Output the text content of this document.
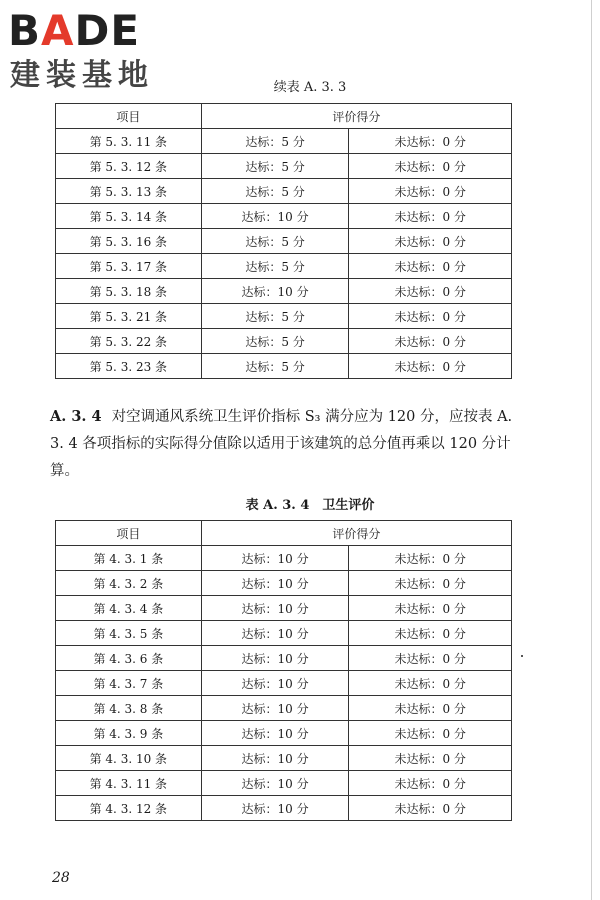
BADE
建装基地	续表 A. 3. 3
项目	评价得分	
第 5. 3. 11 条	达标：5 分	未达标：0 分
第 5. 3. 12 条	达标：5 分	未达标：0 分
第 5. 3. 13 条	达标：5 分	未达标：0 分
第 5. 3. 14 条	达标：10 分	未达标：0 分
第 5. 3. 16 条	达标：5 分	未达标：0 分
第 5. 3. 17 条	达标：5 分	未达标：0 分
第 5. 3. 18 条	达标：10 分	未达标：0 分
第 5. 3. 21 条	达标：5 分	未达标：0 分
第 5. 3. 22 条	达标：5 分	未达标：0 分
第 5. 3. 23 条	达标：5 分	未达标：0 分
A. 3. 4 对空调通风系统卫生评价指标 S₃ 满分应为 120 分，应按表 A. 3. 4 各项指标的实际得分值除以适用于该建筑的总分值再乘以 120 分计算。
表 A. 3. 4　卫生评价
项目	评价得分	
第 4. 3. 1 条	达标：10 分	未达标：0 分
第 4. 3. 2 条	达标：10 分	未达标：0 分
第 4. 3. 4 条	达标：10 分	未达标：0 分
第 4. 3. 5 条	达标：10 分	未达标：0 分
第 4. 3. 6 条	达标：10 分	未达标：0 分
第 4. 3. 7 条	达标：10 分	未达标：0 分
第 4. 3. 8 条	达标：10 分	未达标：0 分
第 4. 3. 9 条	达标：10 分	未达标：0 分
第 4. 3. 10 条	达标：10 分	未达标：0 分
第 4. 3. 11 条	达标：10 分	未达标：0 分
第 4. 3. 12 条	达标：10 分	未达标：0 分
28
